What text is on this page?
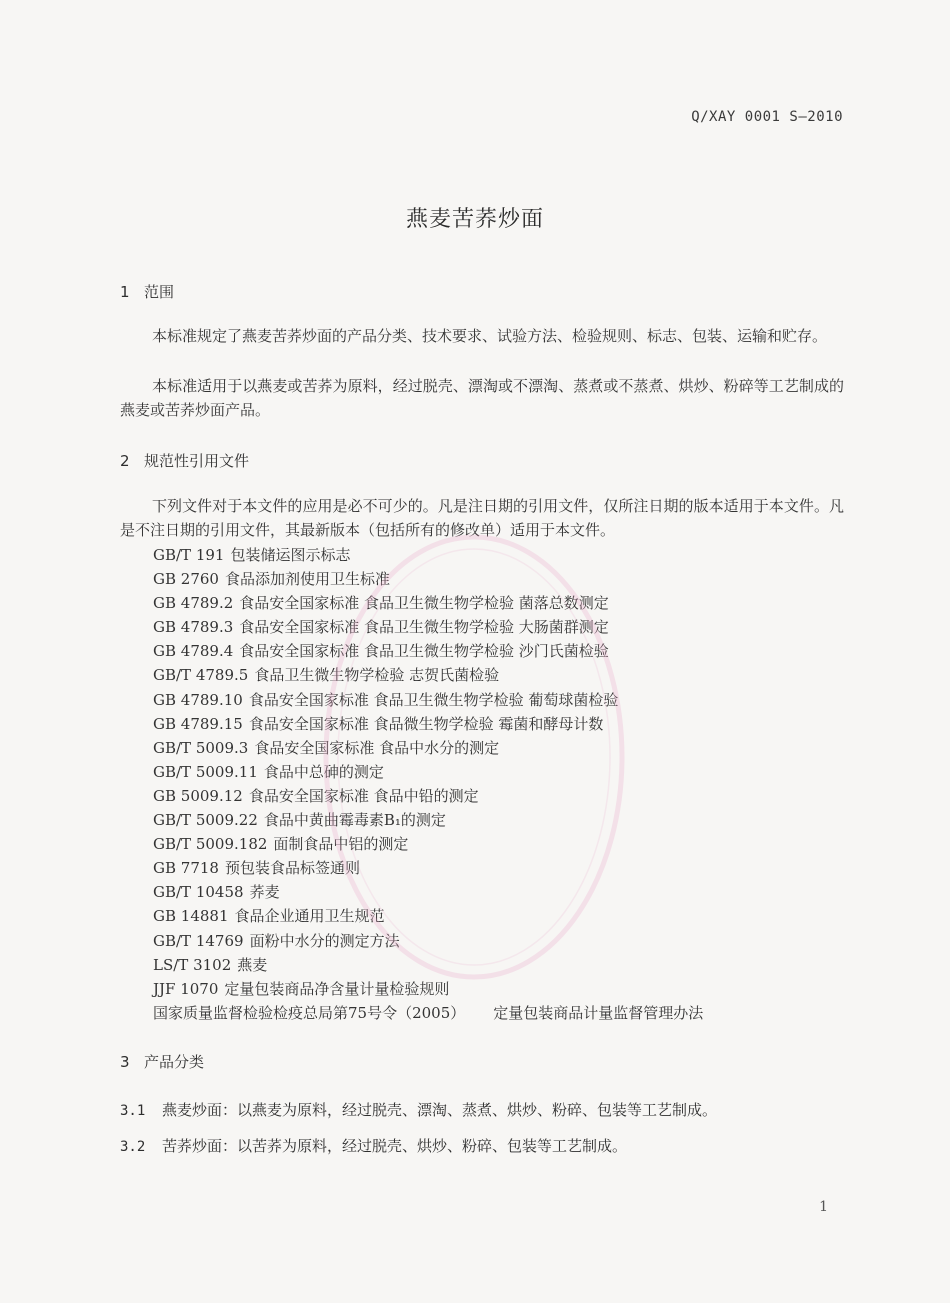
Q/XAY 0001 S—2010
燕麦苦荞炒面
1 范围
本标准规定了燕麦苦荞炒面的产品分类、技术要求、试验方法、检验规则、标志、包装、运输和贮存。
本标准适用于以燕麦或苦荞为原料，经过脱壳、漂淘或不漂淘、蒸煮或不蒸煮、烘炒、粉碎等工艺制成的燕麦或苦荞炒面产品。
2 规范性引用文件
下列文件对于本文件的应用是必不可少的。凡是注日期的引用文件，仅所注日期的版本适用于本文件。凡是不注日期的引用文件，其最新版本（包括所有的修改单）适用于本文件。
GB/T 191 包装储运图示标志
GB 2760 食品添加剂使用卫生标准
GB 4789.2 食品安全国家标准 食品卫生微生物学检验 菌落总数测定
GB 4789.3 食品安全国家标准 食品卫生微生物学检验 大肠菌群测定
GB 4789.4 食品安全国家标准 食品卫生微生物学检验 沙门氏菌检验
GB/T 4789.5 食品卫生微生物学检验 志贺氏菌检验
GB 4789.10 食品安全国家标准 食品卫生微生物学检验 葡萄球菌检验
GB 4789.15 食品安全国家标准 食品微生物学检验 霉菌和酵母计数
GB/T 5009.3 食品安全国家标准 食品中水分的测定
GB/T 5009.11 食品中总砷的测定
GB 5009.12 食品安全国家标准 食品中铅的测定
GB/T 5009.22 食品中黄曲霉毒素B₁的测定
GB/T 5009.182 面制食品中铝的测定
GB 7718 预包装食品标签通则
GB/T 10458 荞麦
GB 14881 食品企业通用卫生规范
GB/T 14769 面粉中水分的测定方法
LS/T 3102 燕麦
JJF 1070 定量包装商品净含量计量检验规则
国家质量监督检验检疫总局第75号令（2005） 定量包装商品计量监督管理办法
3 产品分类
3.1 燕麦炒面：以燕麦为原料，经过脱壳、漂淘、蒸煮、烘炒、粉碎、包装等工艺制成。
3.2 苦荞炒面：以苦荞为原料，经过脱壳、烘炒、粉碎、包装等工艺制成。
1
